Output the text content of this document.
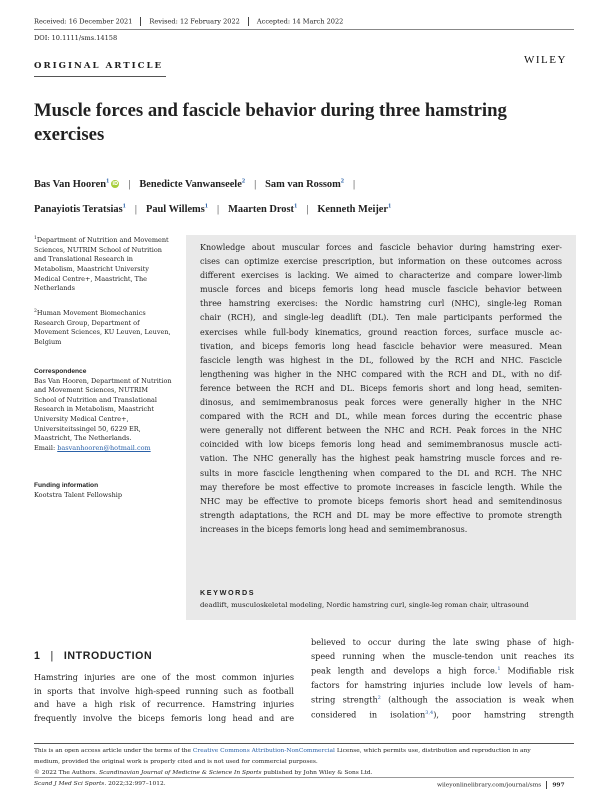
Received: 16 December 2021	Revised: 12 February 2022	Accepted: 14 March 2022
DOI: 10.1111/sms.14158
ORIGINAL ARTICLE	WILEY
Muscle forces and fascicle behavior during three hamstring exercises
Bas Van Hooren$^1$ iD | Benedicte Vanwanseele$^2$ | Sam van Rossom$^2$ |
Panayiotis Teratsias$^1$ | Paul Willems$^1$ | Maarten Drost$^1$ | Kenneth Meijer$^1$

$^1$Department of Nutrition and Movement Sciences, NUTRIM School of Nutrition and Translational Research in Metabolism, Maastricht University Medical Centre+, Maastricht, The Netherlands

$^2$Human Movement Biomechanics Research Group, Department of Movement Sciences, KU Leuven, Leuven, Belgium

Correspondence

Bas Van Hooren, Department of Nutrition and Movement Sciences, NUTRIM School of Nutrition and Translational Research in Metabolism, Maastricht University Medical Centre+, Universiteitssingel 50, 6229 ER, Maastricht, The Netherlands.

Email: basvanhooren@hotmail.com

Funding information

Kootstra Talent Fellowship

Knowledge about muscular forces and fascicle behavior during hamstring exer-
cises can optimize exercise prescription, but information on these outcomes across
different exercises is lacking. We aimed to characterize and compare lower-limb
muscle forces and biceps femoris long head muscle fascicle behavior between
three hamstring exercises: the Nordic hamstring curl (NHC), single-leg Roman
chair (RCH), and single-leg deadlift (DL). Ten male participants performed the
exercises while full-body kinematics, ground reaction forces, surface muscle ac-
tivation, and biceps femoris long head fascicle behavior were measured. Mean
fascicle length was highest in the DL, followed by the RCH and NHC. Fascicle
lengthening was higher in the NHC compared with the RCH and DL, with no dif-
ference between the RCH and DL. Biceps femoris short and long head, semiten-
dinosus, and semimembranosus peak forces were generally higher in the NHC
compared with the RCH and DL, while mean forces during the eccentric phase
were generally not different between the NHC and RCH. Peak forces in the NHC
coincided with low biceps femoris long head and semimembranosus muscle acti-
vation. The NHC generally has the highest peak hamstring muscle forces and re-
sults in more fascicle lengthening when compared to the DL and RCH. The NHC
may therefore be most effective to promote increases in fascicle length. While the
NHC may be effective to promote biceps femoris short head and semitendinosus
strength adaptations, the RCH and DL may be more effective to promote strength
increases in the biceps femoris long head and semimembranosus.
KEYWORDS
deadlift, musculoskeletal modeling, Nordic hamstring curl, single-leg roman chair, ultrasound
1 | INTRODUCTION
Hamstring injuries are one of the most common injuries
in sports that involve high-speed running such as football
and have a high risk of recurrence. Hamstring injuries
frequently involve the biceps femoris long head and are
believed to occur during the late swing phase of high-
speed running when the muscle-tendon unit reaches its
peak length and develops a high force.$^1$ Modifiable risk
factors for hamstring injuries include low levels of ham-
string strength$^2$ (although the association is weak when
considered in isolation$^{3,4}$), poor hamstring strength
This is an open access article under the terms of the Creative Commons Attribution-NonCommercial License, which permits use, distribution and reproduction in any
medium, provided the original work is properly cited and is not used for commercial purposes.
© 2022 The Authors. Scandinavian Journal of Medicine & Science In Sports published by John Wiley & Sons Ltd.
Scand J Med Sci Sports. 2022;32:997–1012.	wileyonlinelibrary.com/journal/sms 997
